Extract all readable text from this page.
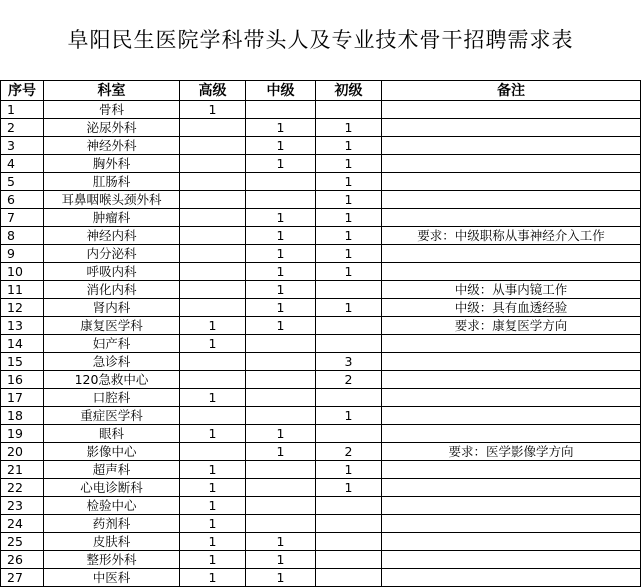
阜阳民生医院学科带头人及专业技术骨干招聘需求表
序号	科室	高级	中级	初级	备注
1	骨科	1			
2	泌尿外科		1	1	
3	神经外科		1	1	
4	胸外科		1	1	
5	肛肠科			1	
6	耳鼻咽喉头颈外科			1	
7	肿瘤科		1	1	
8	神经内科		1	1	要求：中级职称从事神经介入工作
9	内分泌科		1	1	
10	呼吸内科		1	1	
11	消化内科		1		中级：从事内镜工作
12	肾内科		1	1	中级：具有血透经验
13	康复医学科	1	1		要求：康复医学方向
14	妇产科	1			
15	急诊科			3	
16	120急救中心			2	
17	口腔科	1			
18	重症医学科			1	
19	眼科	1	1		
20	影像中心		1	2	要求：医学影像学方向
21	超声科	1		1	
22	心电诊断科	1		1	
23	检验中心	1			
24	药剂科	1			
25	皮肤科	1	1		
26	整形外科	1	1		
27	中医科	1	1		
